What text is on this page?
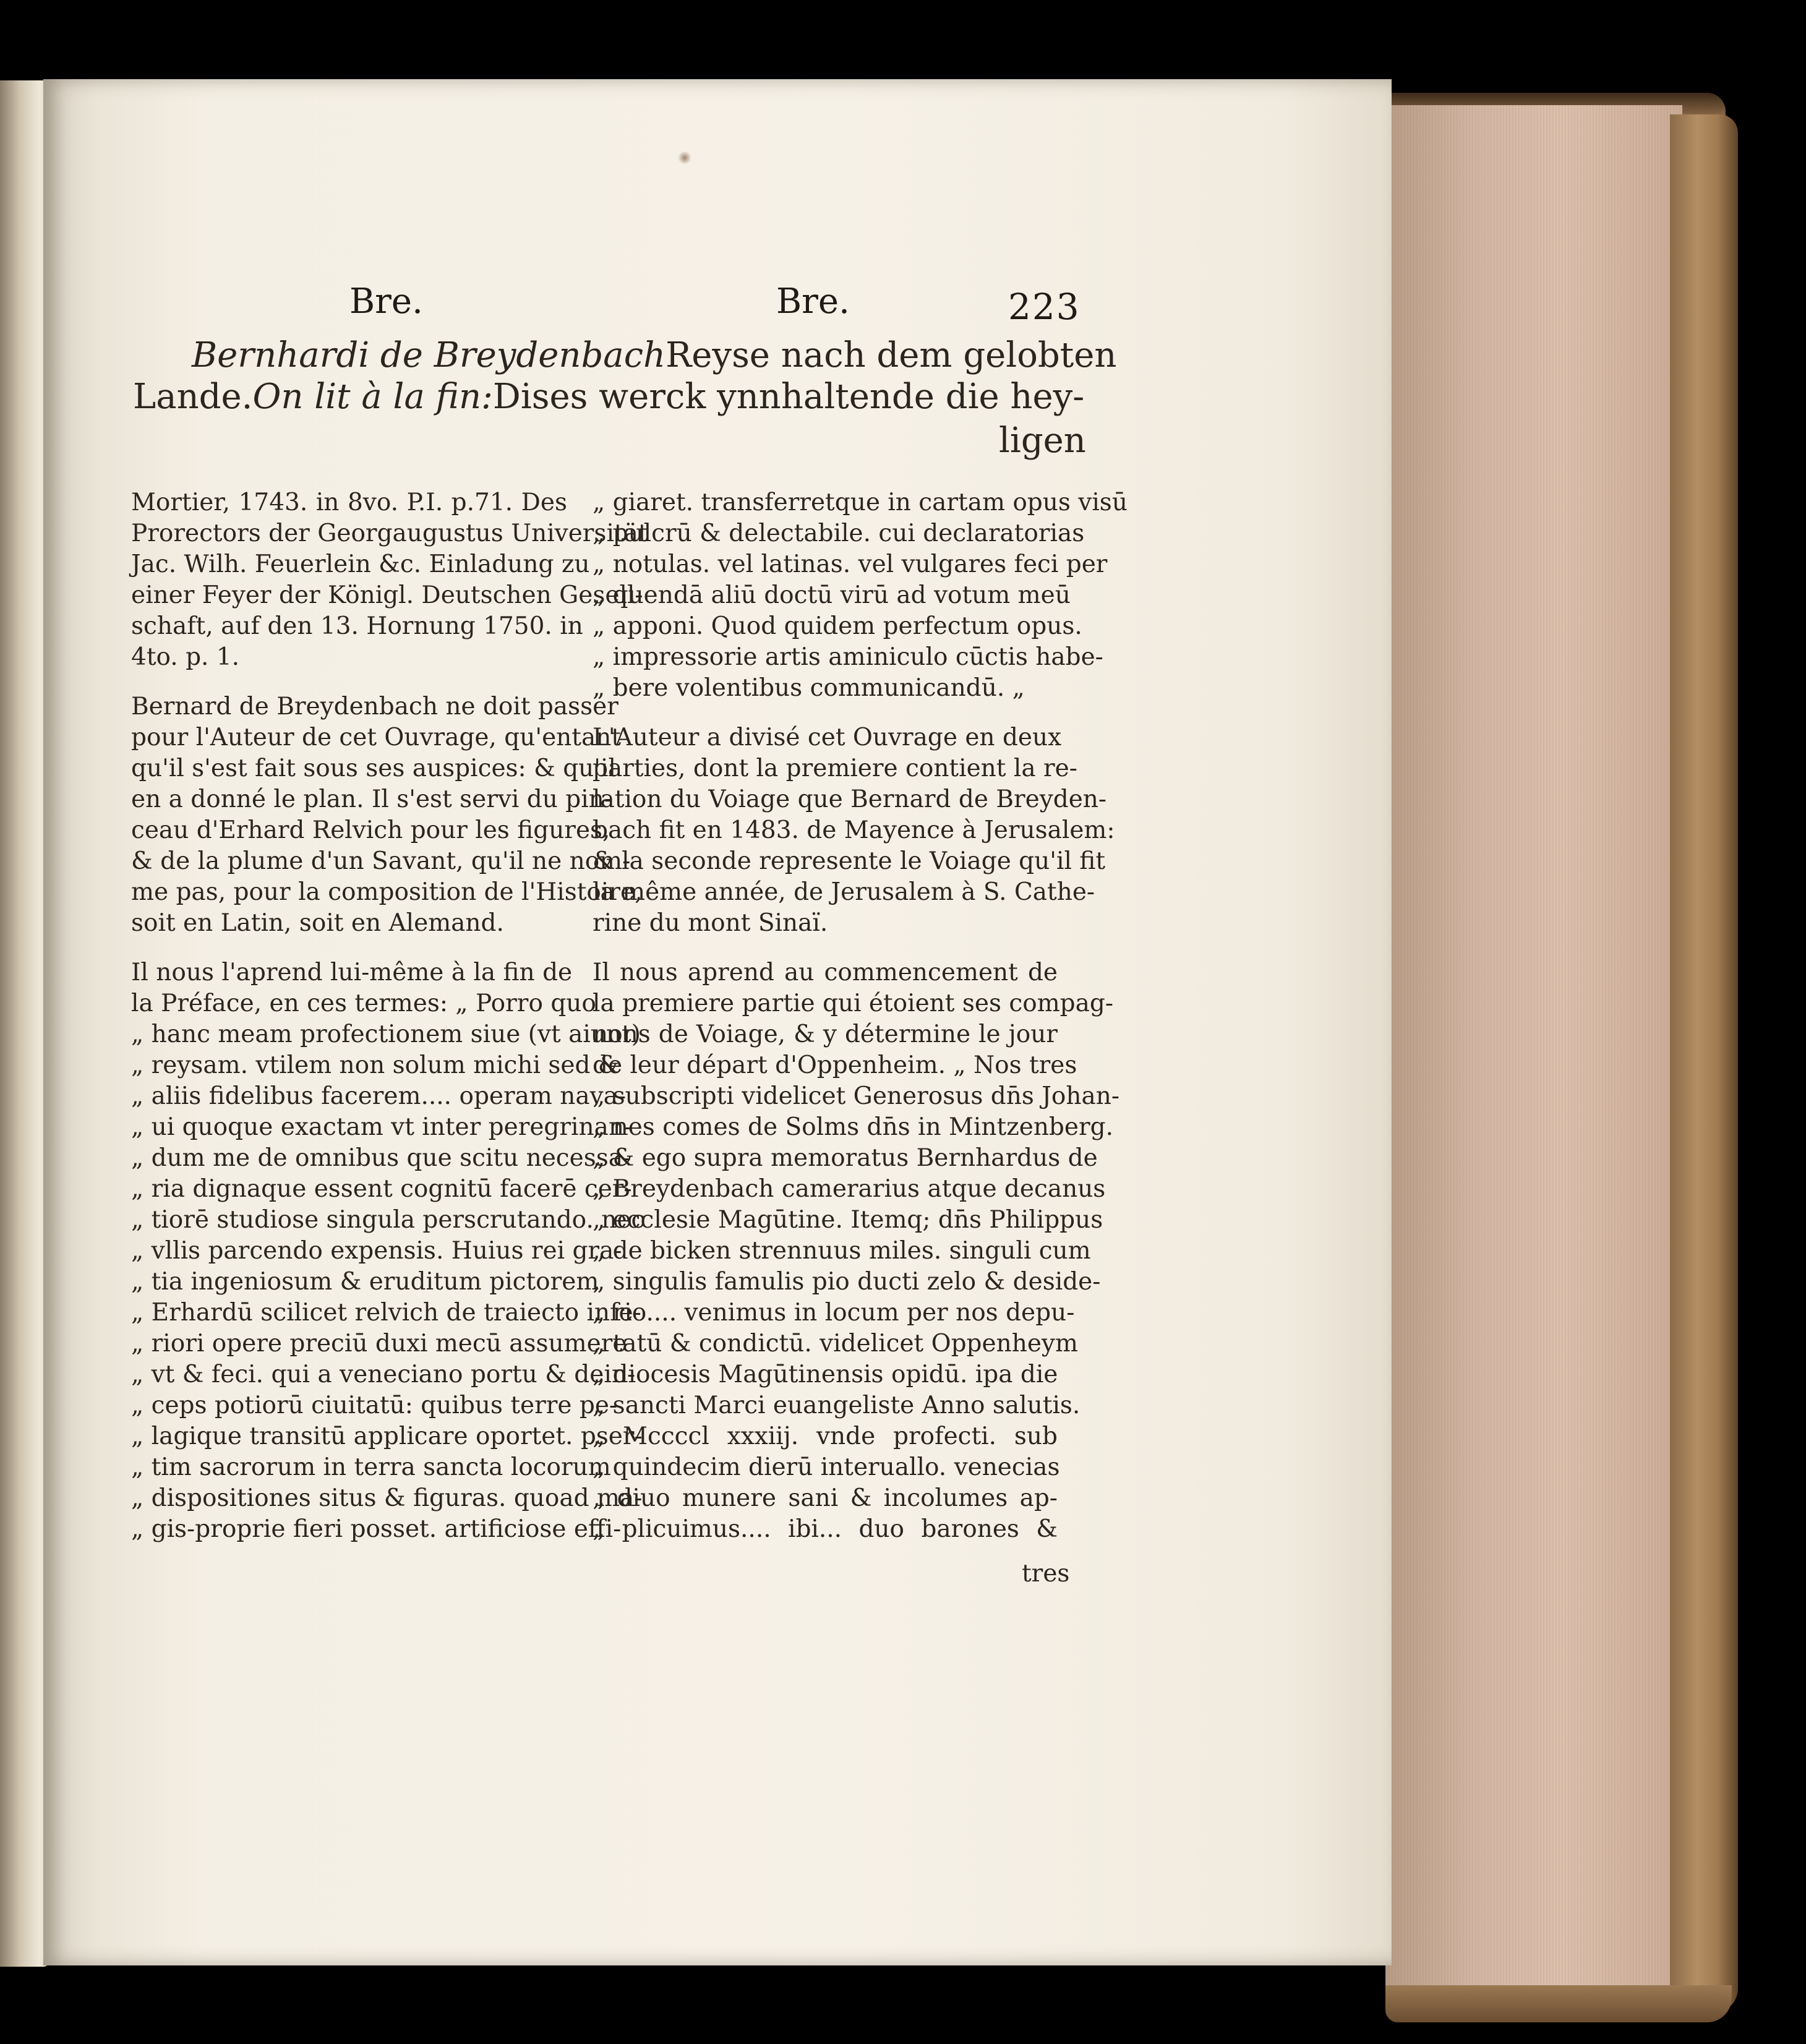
Bre.	Bre.	223
Bernhardi de Breydenbach Reyse nach dem gelobten
Lande. On lit à la fin: Dises werck ynnhaltende die hey-
ligen
Mortier, 1743. in 8vo. P.I. p.71. Des
Prorectors der Georgaugustus Universität
Jac. Wilh. Feuerlein &c. Einladung zu
einer Feyer der Königl. Deutschen Gesell-
schaft, auf den 13. Hornung 1750. in
4to. p. 1.
Bernard de Breydenbach ne doit passer
pour l'Auteur de cet Ouvrage, qu'entant
qu'il s'est fait sous ses auspices: & qu'il
en a donné le plan. Il s'est servi du pin-
ceau d'Erhard Relvich pour les figures,
& de la plume d'un Savant, qu'il ne nom-
me pas, pour la composition de l'Histoire,
soit en Latin, soit en Alemand.
Il nous l'aprend lui-même à la fin de
la Préface, en ces termes: „ Porro quo
„ hanc meam profectionem siue (vt aiunt)
„ reysam. vtilem non solum michi sed &
„ aliis fidelibus facerem.... operam nava-
„ ui quoque exactam vt inter peregrinan-
„ dum me de omnibus que scitu necessa-
„ ria dignaque essent cognitū facerē cer-
„ tiorē studiose singula perscrutando. nec
„ vllis parcendo expensis. Huius rei gra-
„ tia ingeniosum & eruditum pictorem
„ Erhardū scilicet relvich de traiecto infe-
„ riori opere preciū duxi mecū assumere
„ vt & feci. qui a veneciano portu & dein-
„ ceps potiorū ciuitatū: quibus terre pe-
„ lagique transitū applicare oportet. pser-
„ tim sacrorum in terra sancta locorum
„ dispositiones situs & figuras. quoad ma-
„ gis-proprie fieri posset. artificiose effi-
„ giaret. transferretque in cartam opus visū
„ pulcrū & delectabile. cui declaratorias
„ notulas. vel latinas. vel vulgares feci per
„ quendā aliū doctū virū ad votum meū
„ apponi. Quod quidem perfectum opus.
„ impressorie artis aminiculo cūctis habe-
„ bere volentibus communicandū. „
L'Auteur a divisé cet Ouvrage en deux
parties, dont la premiere contient la re-
lation du Voiage que Bernard de Breyden-
bach fit en 1483. de Mayence à Jerusalem:
& la seconde represente le Voiage qu'il fit
la même année, de Jerusalem à S. Cathe-
rine du mont Sinaï.
Il nous aprend au commencement de
la premiere partie qui étoient ses compag-
nons de Voiage, & y détermine le jour
de leur départ d'Oppenheim. „ Nos tres
„ subscripti videlicet Generosus dn̄s Johan-
„ nes comes de Solms dn̄s in Mintzenberg.
„ & ego supra memoratus Bernhardus de
„ Breydenbach camerarius atque decanus
„ ecclesie Magūtine. Itemq; dn̄s Philippus
„ de bicken strennuus miles. singuli cum
„ singulis famulis pio ducti zelo & deside-
„ rio.... venimus in locum per nos depu-
„ tatū & condictū. videlicet Oppenheym
„ diocesis Magūtinensis opidū. ipa die
„ sancti Marci euangeliste Anno salutis.
„ Mccccl xxxiij. vnde profecti. sub
„ quindecim dierū interuallo. venecias
„ diuo munere sani & incolumes ap-
„ plicuimus.... ibi... duo barones &
tres
